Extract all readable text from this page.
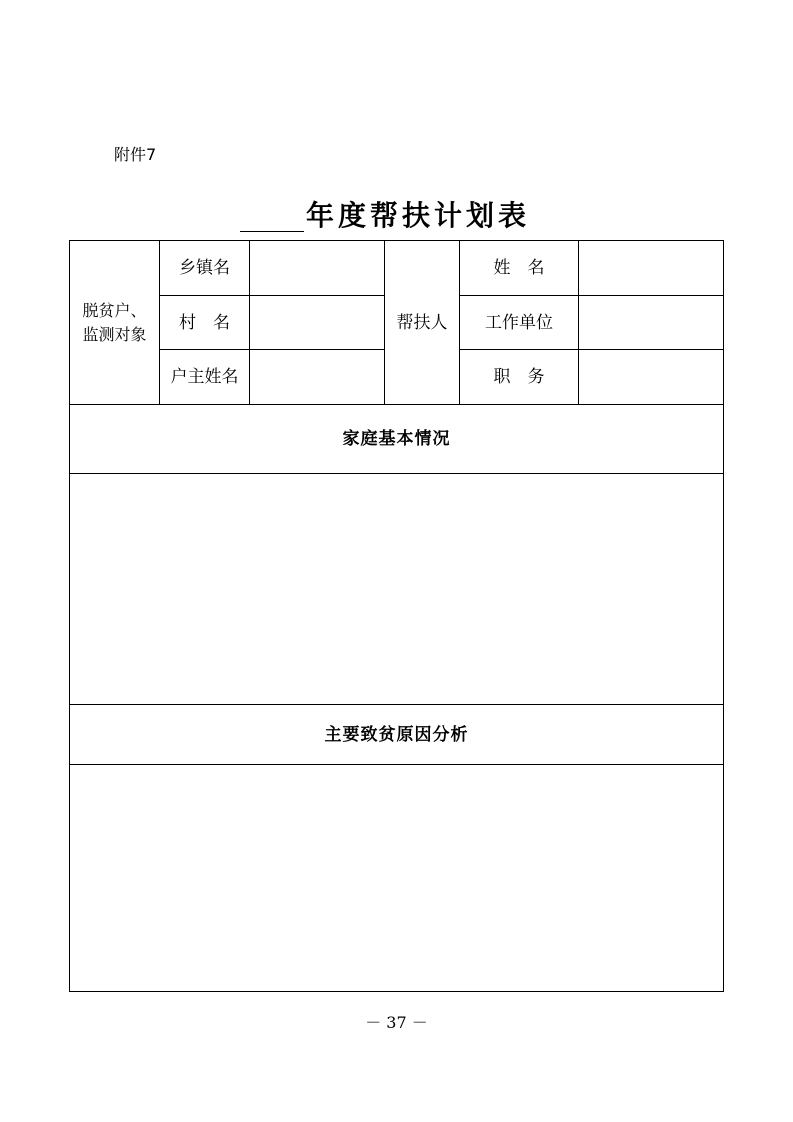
附件7
年度帮扶计划表
脱贫户、
监测对象
乡镇名
村　名
户主姓名
帮扶人
姓　名
工作单位
职　务
家庭基本情况
主要致贫原因分析
－ 37 －
